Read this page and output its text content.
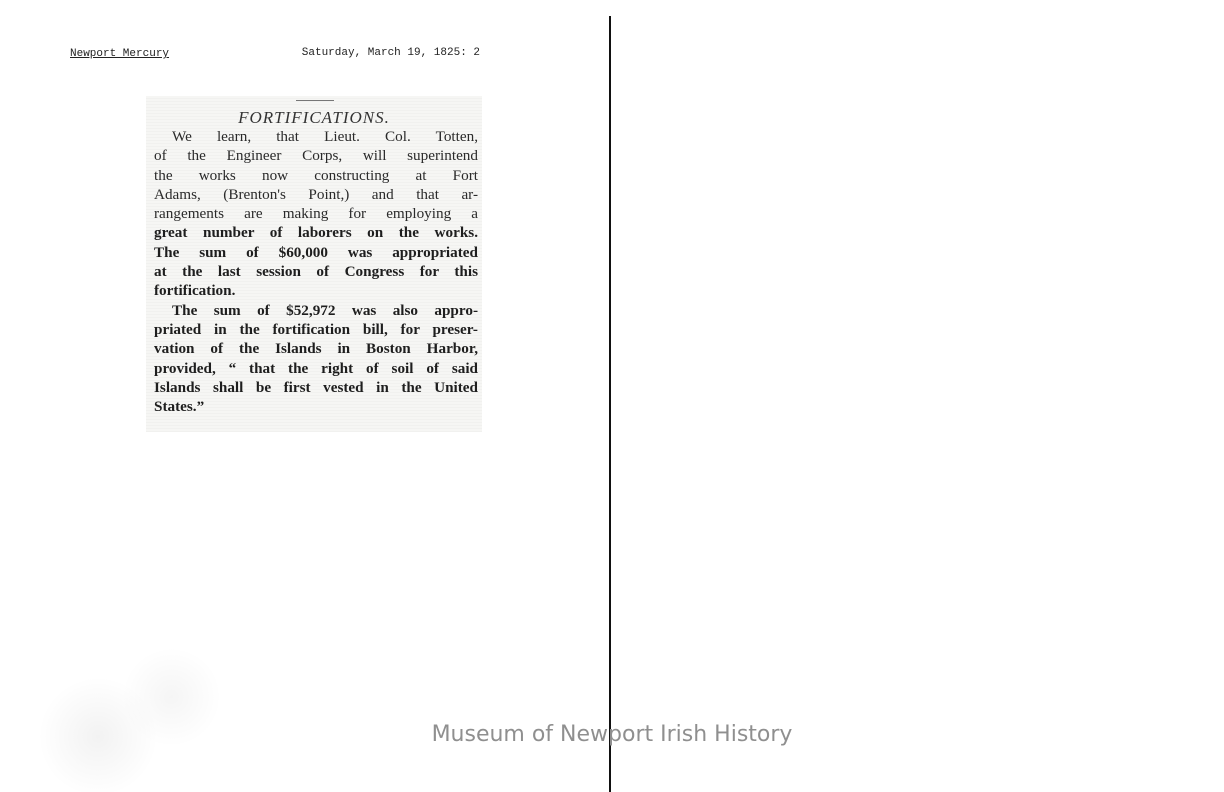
Newport Mercury	Saturday, March 19, 1825: 2
FORTIFICATIONS.
We learn, that Lieut. Col. Totten,
of the Engineer Corps, will superintend
the works now constructing at Fort
Adams, (Brenton's Point,) and that ar-
rangements are making for employing a
great number of laborers on the works.
The sum of $60,000 was appropriated
at the last session of Congress for this
fortification.
The sum of $52,972 was also appro-
priated in the fortification bill, for preser-
vation of the Islands in Boston Harbor,
provided, “ that the right of soil of said
Islands shall be first vested in the United
States.”
Museum of Newport Irish History
